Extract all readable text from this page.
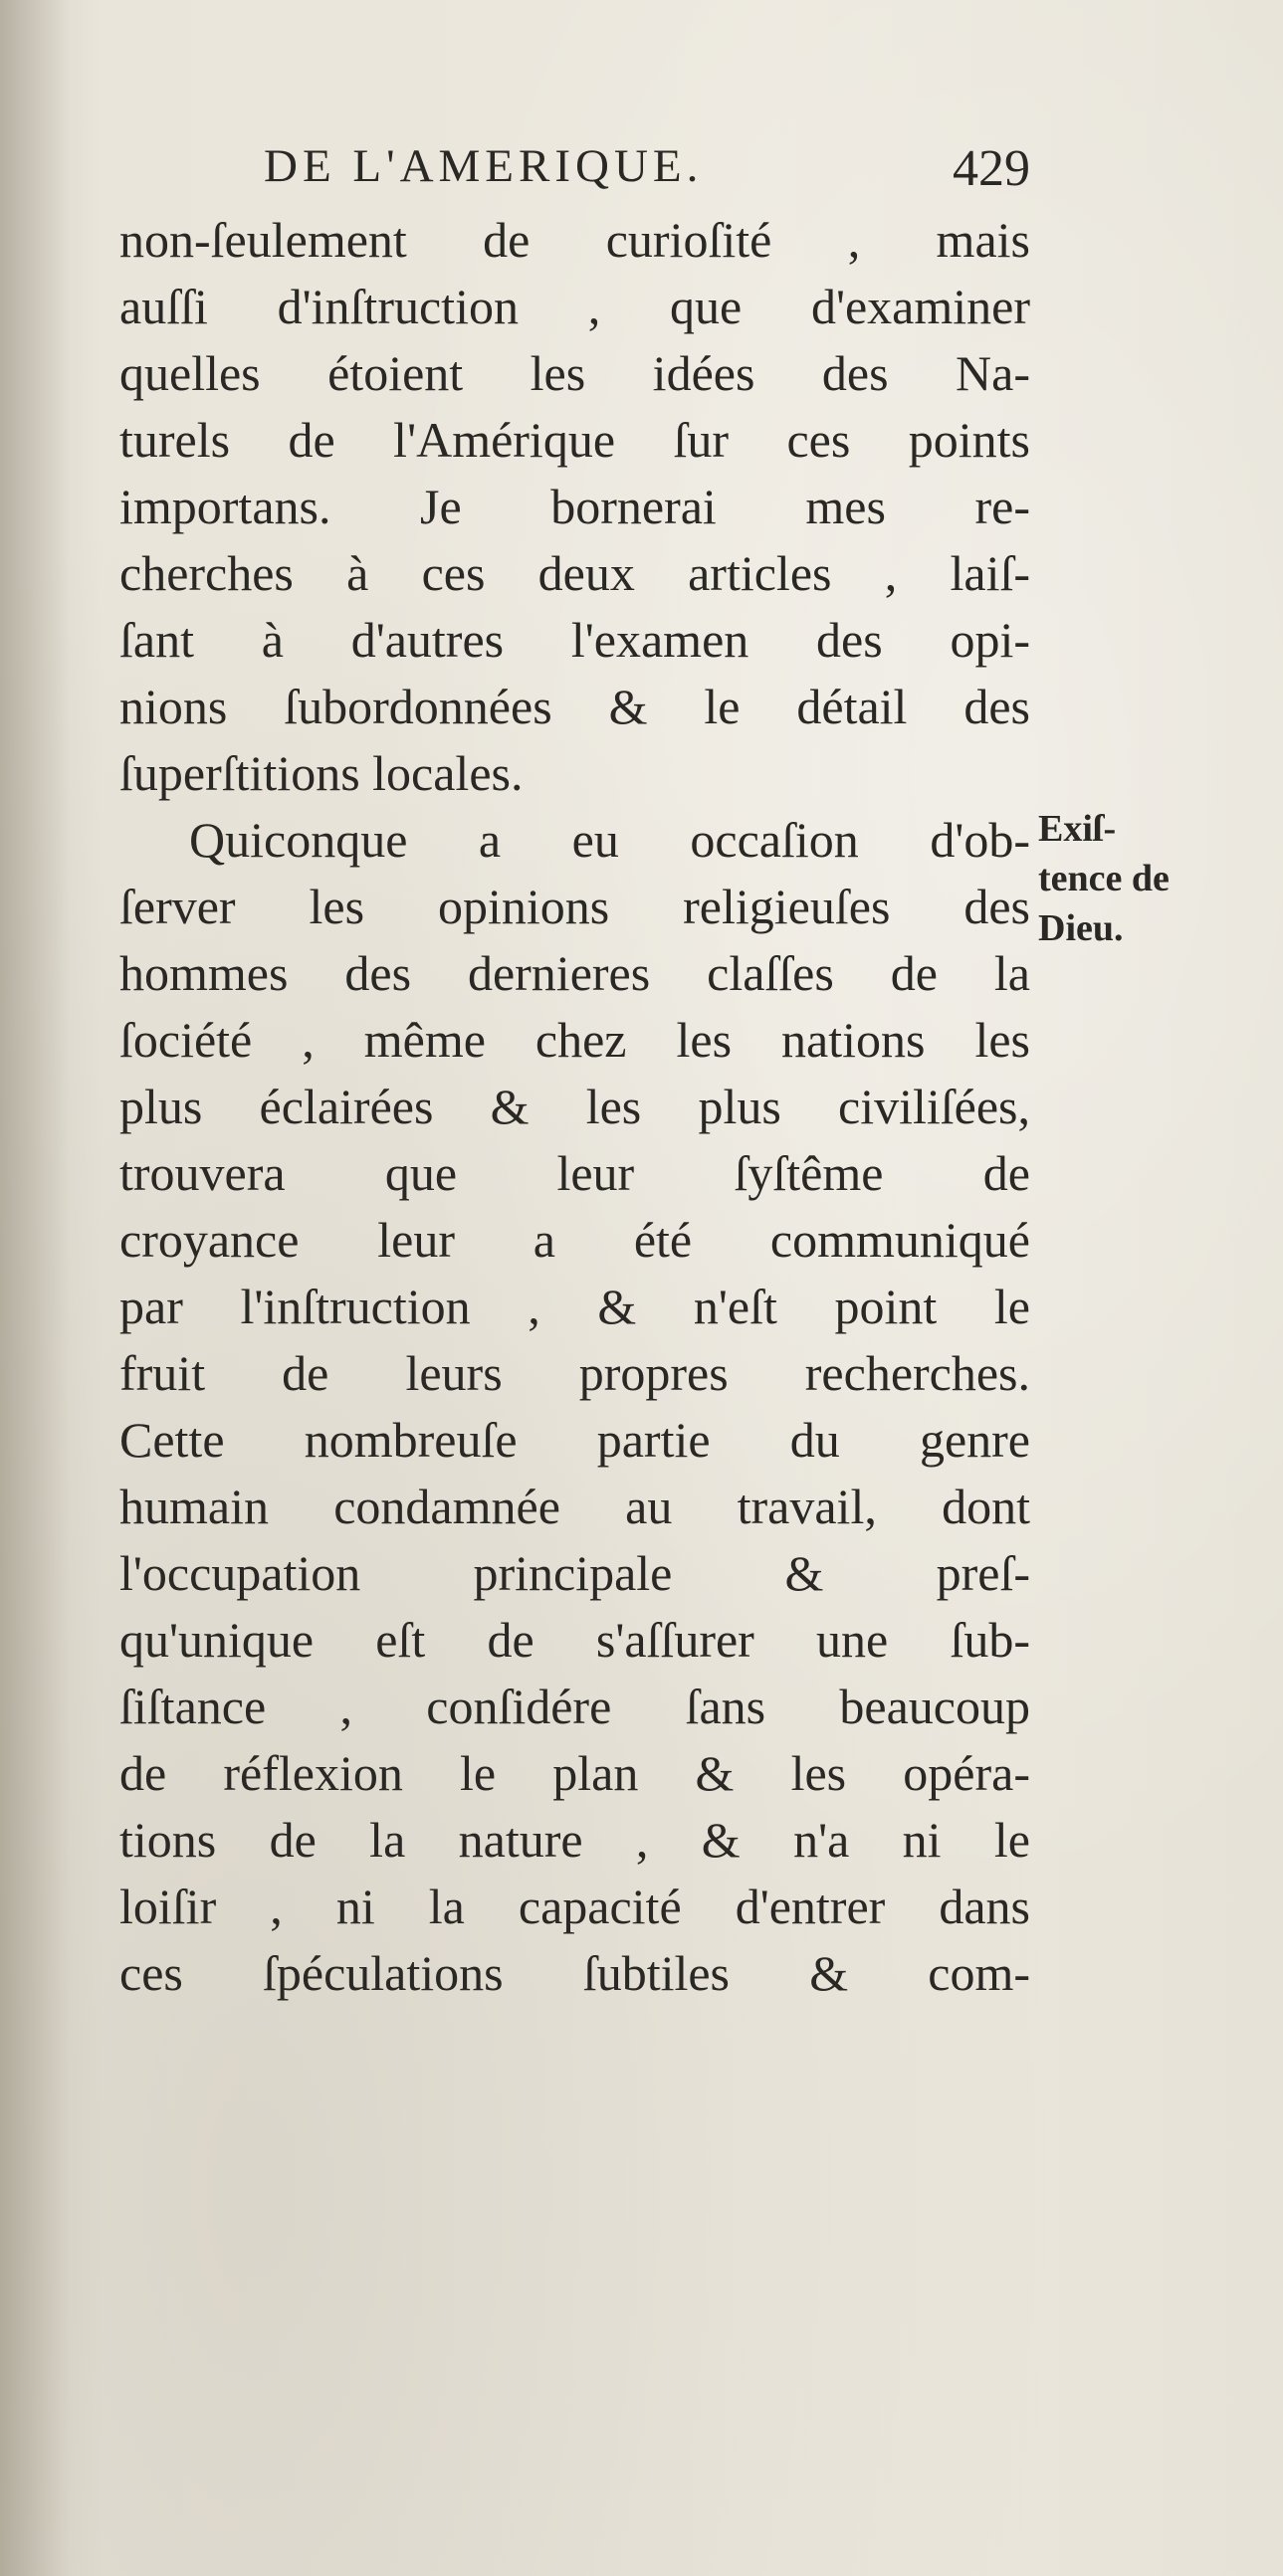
DE L'AMERIQUE.	429
non-ſeulement de curioſité , mais
auſſi d'inſtruction , que d'examiner
quelles étoient les idées des Na-
turels de l'Amérique ſur ces points
importans. Je bornerai mes re-
cherches à ces deux articles , laiſ-
ſant à d'autres l'examen des opi-
nions ſubordonnées & le détail des
ſuperſtitions locales.
Quiconque a eu occaſion d'ob-
ſerver les opinions religieuſes des
hommes des dernieres claſſes de la
ſociété , même chez les nations les
plus éclairées & les plus civiliſées,
trouvera que leur ſyſtême de
croyance leur a été communiqué
par l'inſtruction , & n'eſt point le
fruit de leurs propres recherches.
Cette nombreuſe partie du genre
humain condamnée au travail, dont
l'occupation principale & preſ-
qu'unique eſt de s'aſſurer une ſub-
ſiſtance , conſidére ſans beaucoup
de réflexion le plan & les opéra-
tions de la nature , & n'a ni le
loiſir , ni la capacité d'entrer dans
ces ſpéculations ſubtiles & com-
Exiſ-
tence de
Dieu.
